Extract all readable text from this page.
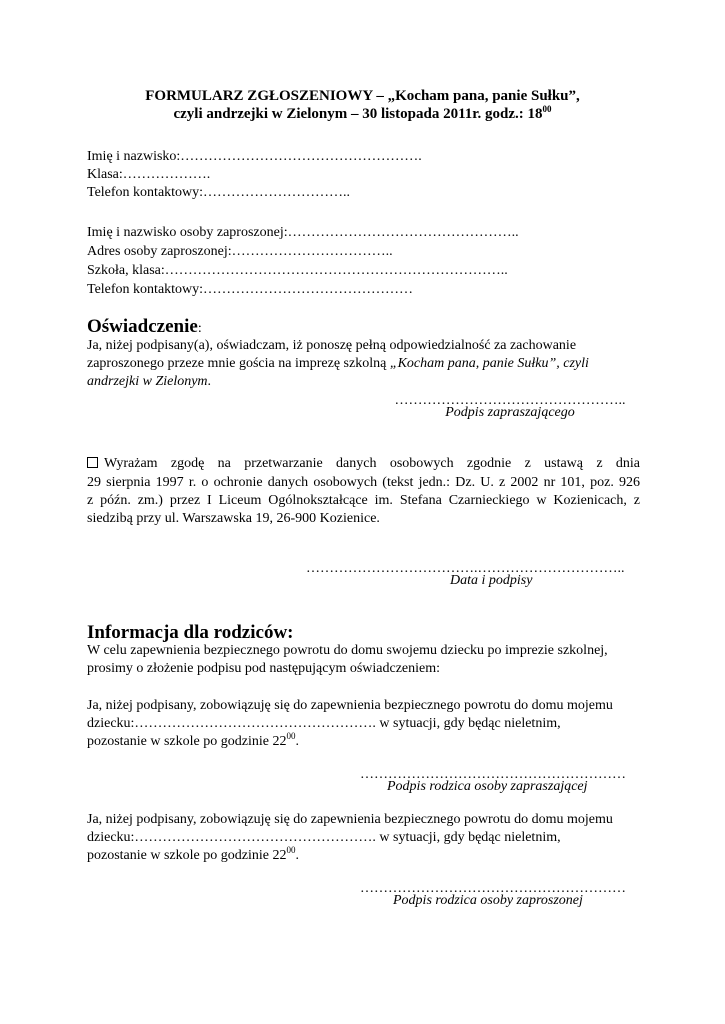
FORMULARZ ZGŁOSZENIOWY – „Kocham pana, panie Sułku”,
czyli andrzejki w Zielonym – 30 listopada 2011r. godz.: $18^{00}$
Imię i nazwisko:…………………………………………….
Klasa:……………….
Telefon kontaktowy:…………………………..
Imię i nazwisko osoby zaproszonej:…………………………………………..
Adres osoby zaproszonej:……………………………..
Szkoła, klasa:………………………………………………………………..
Telefon kontaktowy:………………………………………
Oświadczenie:
Ja, niżej podpisany(a), oświadczam, iż ponoszę pełną odpowiedzialność za zachowanie
zaproszonego przeze mnie gościa na imprezę szkolną „Kocham pana, panie Sułku”, czyli
andrzejki w Zielonym.
…………………………………………..
Podpis zapraszającego
Wyrażam zgodę na przetwarzanie danych osobowych zgodnie z ustawą z dnia
29 sierpnia 1997 r. o ochronie danych osobowych (tekst jedn.: Dz. U. z 2002 nr 101, poz. 926
z późn. zm.) przez I Liceum Ogólnokształcące im. Stefana Czarnieckiego w Kozienicach, z
siedzibą przy ul. Warszawska 19, 26-900 Kozienice.
……………………………….…………………………..
Data i podpisy
Informacja dla rodziców:
W celu zapewnienia bezpiecznego powrotu do domu swojemu dziecku po imprezie szkolnej,
prosimy o złożenie podpisu pod następującym oświadczeniem:
Ja, niżej podpisany, zobowiązuję się do zapewnienia bezpiecznego powrotu do domu mojemu
dziecku:……………………………………………. w sytuacji, gdy będąc nieletnim,
pozostanie w szkole po godzinie $22^{00}$.
…………………………………………………
Podpis rodzica osoby zapraszającej
Ja, niżej podpisany, zobowiązuję się do zapewnienia bezpiecznego powrotu do domu mojemu
dziecku:……………………………………………. w sytuacji, gdy będąc nieletnim,
pozostanie w szkole po godzinie $22^{00}$.
…………………………………………………
Podpis rodzica osoby zaproszonej
